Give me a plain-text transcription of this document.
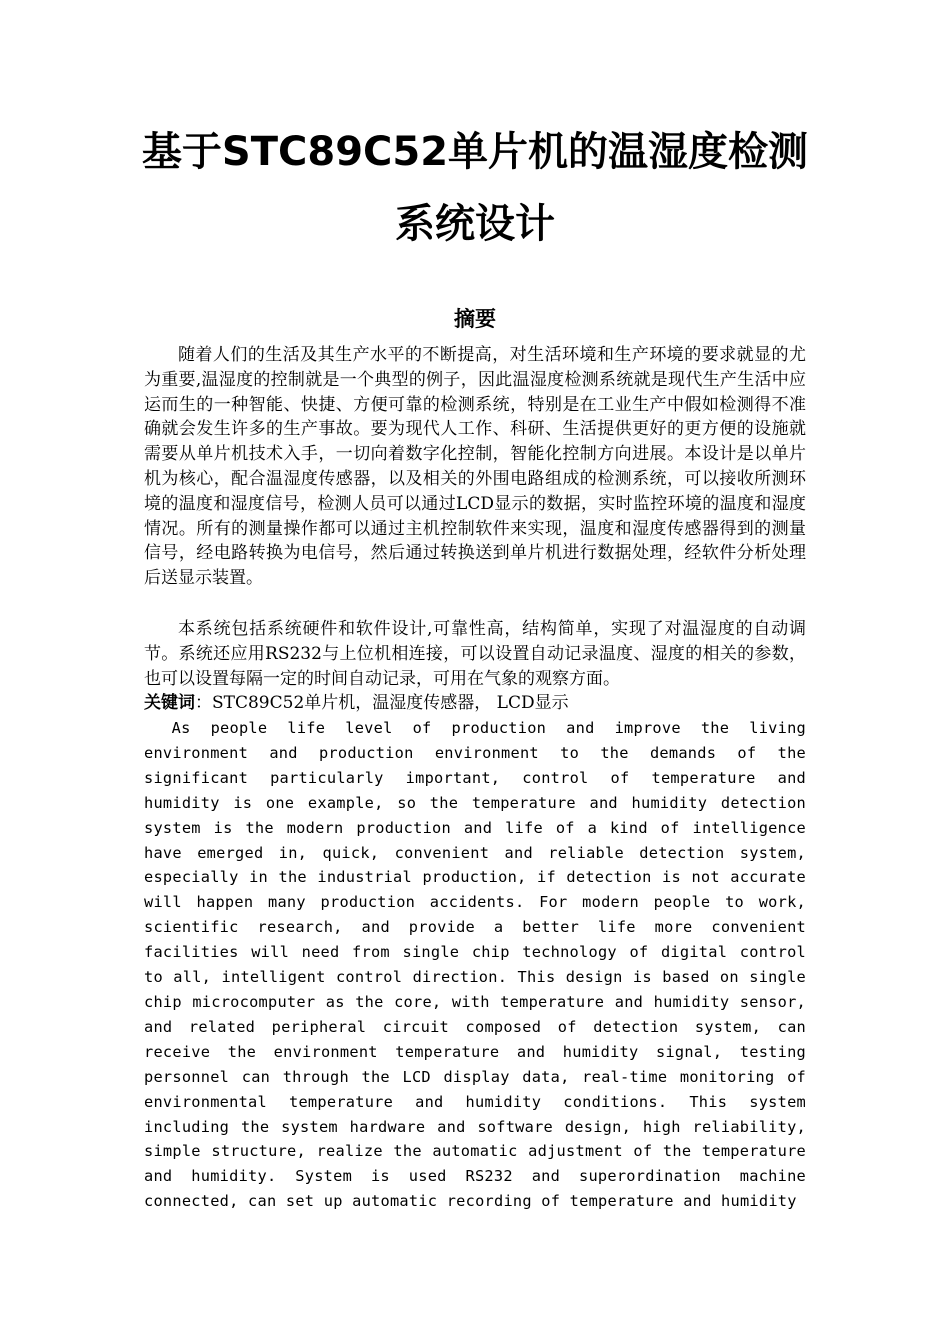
基于STC89C52单片机的温湿度检测
系统设计
摘要

随着人们的生活及其生产水平的不断提高，对生活环境和生产环境的要求就显的尤为重要,温湿度的控制就是一个典型的例子，因此温湿度检测系统就是现代生产生活中应运而生的一种智能、快捷、方便可靠的检测系统，特别是在工业生产中假如检测得不准确就会发生许多的生产事故。要为现代人工作、科研、生活提供更好的更方便的设施就需要从单片机技术入手，一切向着数字化控制，智能化控制方向进展。本设计是以单片机为核心，配合温湿度传感器，以及相关的外围电路组成的检测系统，可以接收所测环境的温度和湿度信号，检测人员可以通过LCD显示的数据，实时监控环境的温度和湿度情况。所有的测量操作都可以通过主机控制软件来实现，温度和湿度传感器得到的测量信号，经电路转换为电信号，然后通过转换送到单片机进行数据处理，经软件分析处理后送显示装置。

本系统包括系统硬件和软件设计,可靠性高，结构简单，实现了对温湿度的自动调节。系统还应用RS232与上位机相连接，可以设置自动记录温度、湿度的相关的参数，也可以设置每隔一定的时间自动记录，可用在气象的观察方面。

关键词：STC89C52单片机，温湿度传感器， LCD显示

As people life level of production and improve the living environment and production environment to the demands of the significant particularly important, control of temperature and humidity is one example, so the temperature and humidity detection system is the modern production and life of a kind of intelligence have emerged in, quick, convenient and reliable detection system, especially in the industrial production, if detection is not accurate will happen many production accidents. For modern people to work, scientific research, and provide a better life more convenient facilities will need from single chip technology of digital control to all, intelligent control direction. This design is based on single chip microcomputer as the core, with temperature and humidity sensor, and related peripheral circuit composed of detection system, can receive the environment temperature and humidity signal, testing personnel can through the LCD display data, real-time monitoring of environmental temperature and humidity conditions. This system including the system hardware and software design, high reliability, simple structure, realize the automatic adjustment of the temperature and humidity. System is used RS232 and superordination machine connected, can set up automatic recording of temperature and humidity
